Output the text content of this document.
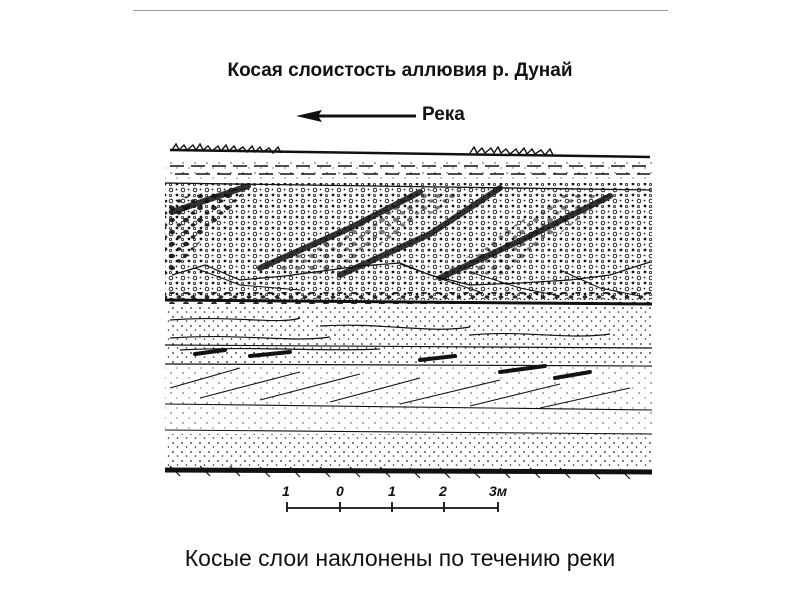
Косая слоистость аллювия р. Дунай
Река
1	0	1	2	3м
Косые слои наклонены по течению реки
